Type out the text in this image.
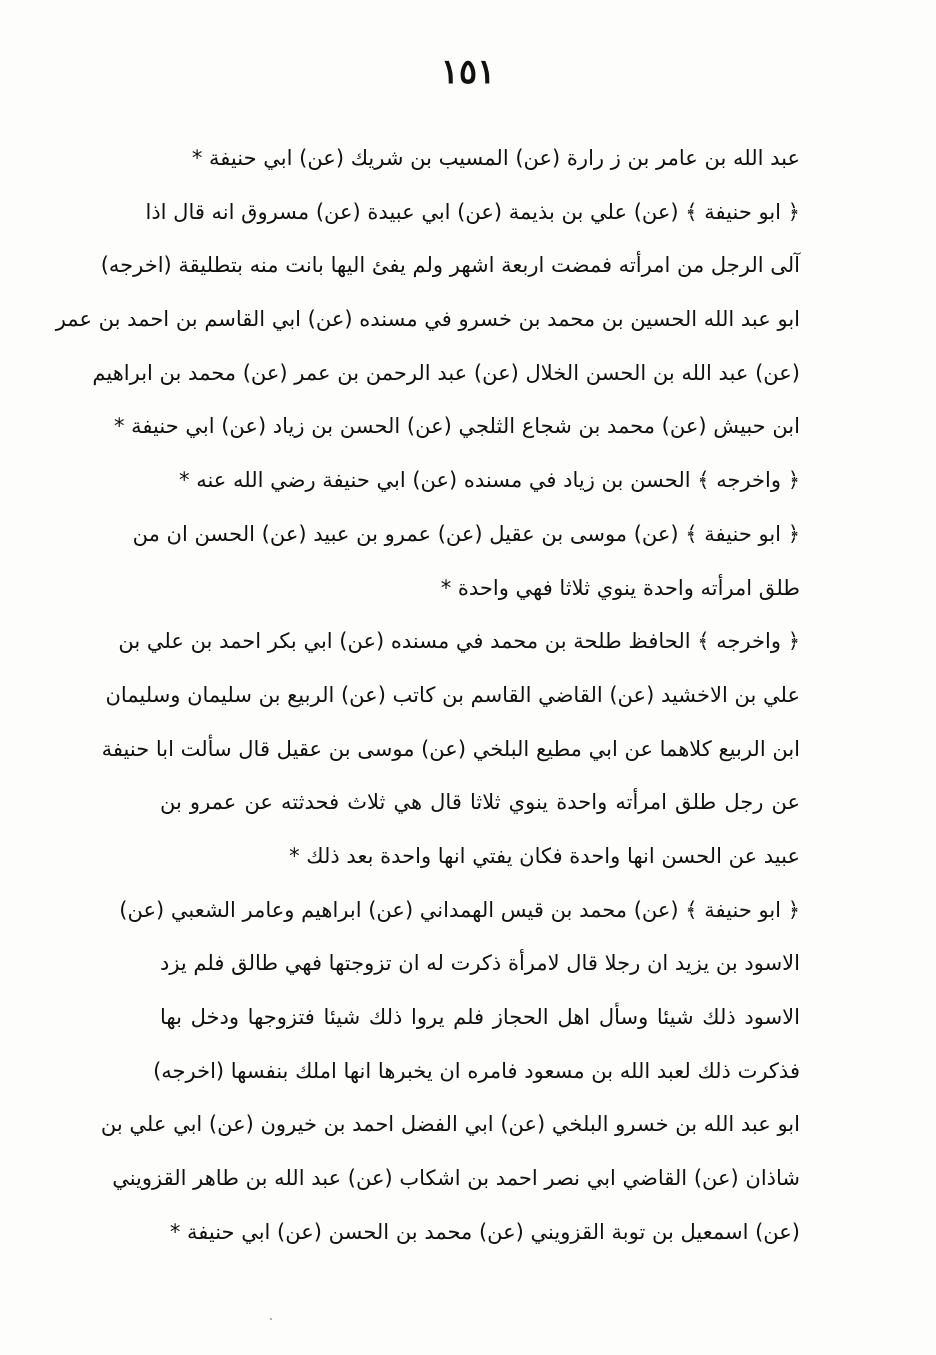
١٥١
عبد الله بن عامر بن ز رارة (عن) المسيب بن شريك (عن) ابي حنيفة *
﴿ ابو حنيفة ﴾ (عن) علي بن بذيمة (عن) ابي عبيدة (عن) مسروق انه قال اذا
آلى الرجل من امرأته فمضت اربعة اشهر ولم يفئ اليها بانت منه بتطليقة (اخرجه)
ابو عبد الله الحسين بن محمد بن خسرو في مسنده (عن) ابي القاسم بن احمد بن عمر
(عن) عبد الله بن الحسن الخلال (عن) عبد الرحمن بن عمر (عن) محمد بن ابراهيم
ابن حبيش (عن) محمد بن شجاع الثلجي (عن) الحسن بن زياد (عن) ابي حنيفة *
﴿ واخرجه ﴾ الحسن بن زياد في مسنده (عن) ابي حنيفة رضي الله عنه *
﴿ ابو حنيفة ﴾ (عن) موسى بن عقيل (عن) عمرو بن عبيد (عن) الحسن ان من
طلق امرأته واحدة ينوي ثلاثا فهي واحدة *
﴿ واخرجه ﴾ الحافظ طلحة بن محمد في مسنده (عن) ابي بكر احمد بن علي بن
علي بن الاخشيد (عن) القاضي القاسم بن كاتب (عن) الربيع بن سليمان وسليمان
ابن الربيع كلاهما عن ابي مطيع البلخي (عن) موسى بن عقيل قال سألت ابا حنيفة
عن رجل طلق امرأته واحدة ينوي ثلاثا قال هي ثلاث فحدثته عن عمرو بن
عبيد عن الحسن انها واحدة فكان يفتي انها واحدة بعد ذلك *
﴿ ابو حنيفة ﴾ (عن) محمد بن قيس الهمداني (عن) ابراهيم وعامر الشعبي (عن)
الاسود بن يزيد ان رجلا قال لامرأة ذكرت له ان تزوجتها فهي طالق فلم يزد
الاسود ذلك شيئا وسأل اهل الحجاز فلم يروا ذلك شيئا فتزوجها ودخل بها
فذكرت ذلك لعبد الله بن مسعود فامره ان يخبرها انها املك بنفسها (اخرجه)
ابو عبد الله بن خسرو البلخي (عن) ابي الفضل احمد بن خيرون (عن) ابي علي بن
شاذان (عن) القاضي ابي نصر احمد بن اشكاب (عن) عبد الله بن طاهر القزويني
(عن) اسمعيل بن توبة القزويني (عن) محمد بن الحسن (عن) ابي حنيفة *
